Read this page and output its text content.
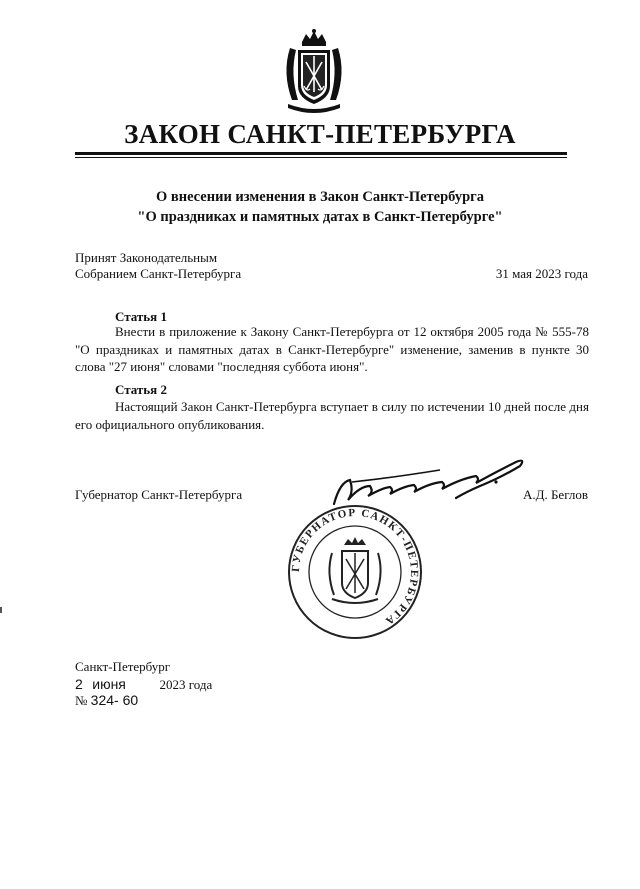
ЗАКОН САНКТ-ПЕТЕРБУРГА
О внесении изменения в Закон Санкт-Петербурга
"О праздниках и памятных датах в Санкт-Петербурге"
Принят Законодательным
Собранием Санкт-Петербурга	31 мая 2023 года
Статья 1
Внести в приложение к Закону Санкт-Петербурга от 12 октября 2005 года № 555-78 "О праздниках и памятных датах в Санкт-Петербурге" изменение, заменив в пункте 30 слова "27 июня" словами "последняя суббота июня".
Статья 2
Настоящий Закон Санкт-Петербурга вступает в силу по истечении 10 дней после дня его официального опубликования.
Губернатор Санкт-Петербурга	А.Д. Беглов
ГУБЕРНАТОР САНКТ-ПЕТЕРБУРГА
Санкт-Петербург
2 июня	2023 года
№ 324- 60
